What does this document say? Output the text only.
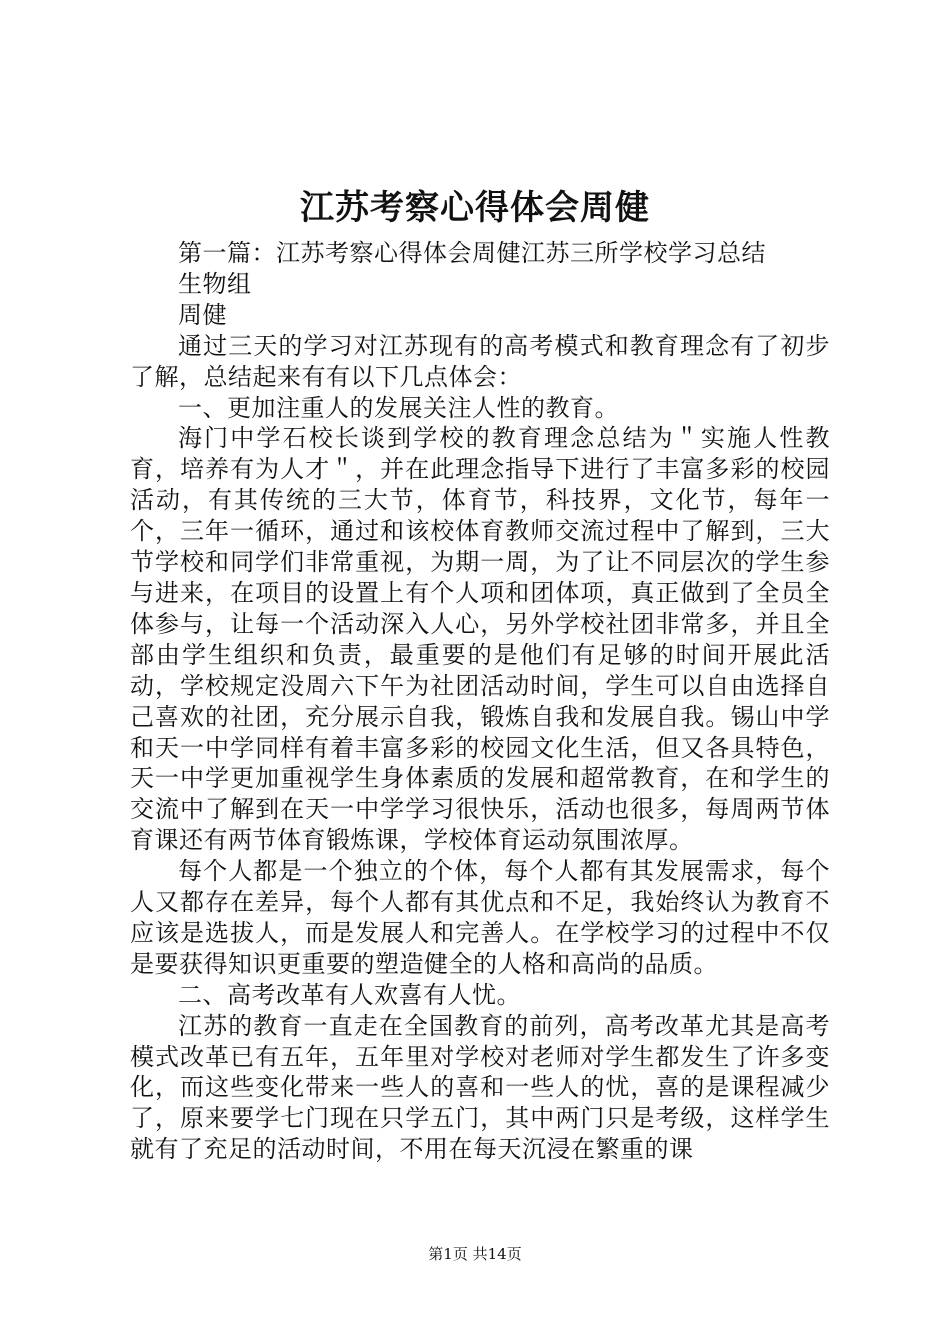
江苏考察心得体会周健

第一篇：江苏考察心得体会周健江苏三所学校学习总结

生物组

周健

通过三天的学习对江苏现有的高考模式和教育理念有了初步了解，总结起来有有以下几点体会：

一、更加注重人的发展关注人性的教育。

海门中学石校长谈到学校的教育理念总结为＂实施人性教育，培养有为人才＂，并在此理念指导下进行了丰富多彩的校园活动，有其传统的三大节，体育节，科技界，文化节，每年一个，三年一循环，通过和该校体育教师交流过程中了解到，三大节学校和同学们非常重视，为期一周，为了让不同层次的学生参与进来，在项目的设置上有个人项和团体项，真正做到了全员全体参与，让每一个活动深入人心，另外学校社团非常多，并且全部由学生组织和负责，最重要的是他们有足够的时间开展此活动，学校规定没周六下午为社团活动时间，学生可以自由选择自己喜欢的社团，充分展示自我，锻炼自我和发展自我。锡山中学和天一中学同样有着丰富多彩的校园文化生活，但又各具特色，天一中学更加重视学生身体素质的发展和超常教育，在和学生的交流中了解到在天一中学学习很快乐，活动也很多，每周两节体育课还有两节体育锻炼课，学校体育运动氛围浓厚。

每个人都是一个独立的个体，每个人都有其发展需求，每个人又都存在差异，每个人都有其优点和不足，我始终认为教育不应该是选拔人，而是发展人和完善人。在学校学习的过程中不仅是要获得知识更重要的塑造健全的人格和高尚的品质。

二、高考改革有人欢喜有人忧。

江苏的教育一直走在全国教育的前列，高考改革尤其是高考模式改革已有五年，五年里对学校对老师对学生都发生了许多变化，而这些变化带来一些人的喜和一些人的忧，喜的是课程减少了，原来要学七门现在只学五门，其中两门只是考级，这样学生就有了充足的活动时间，不用在每天沉浸在繁重的课

第1页 共14页
